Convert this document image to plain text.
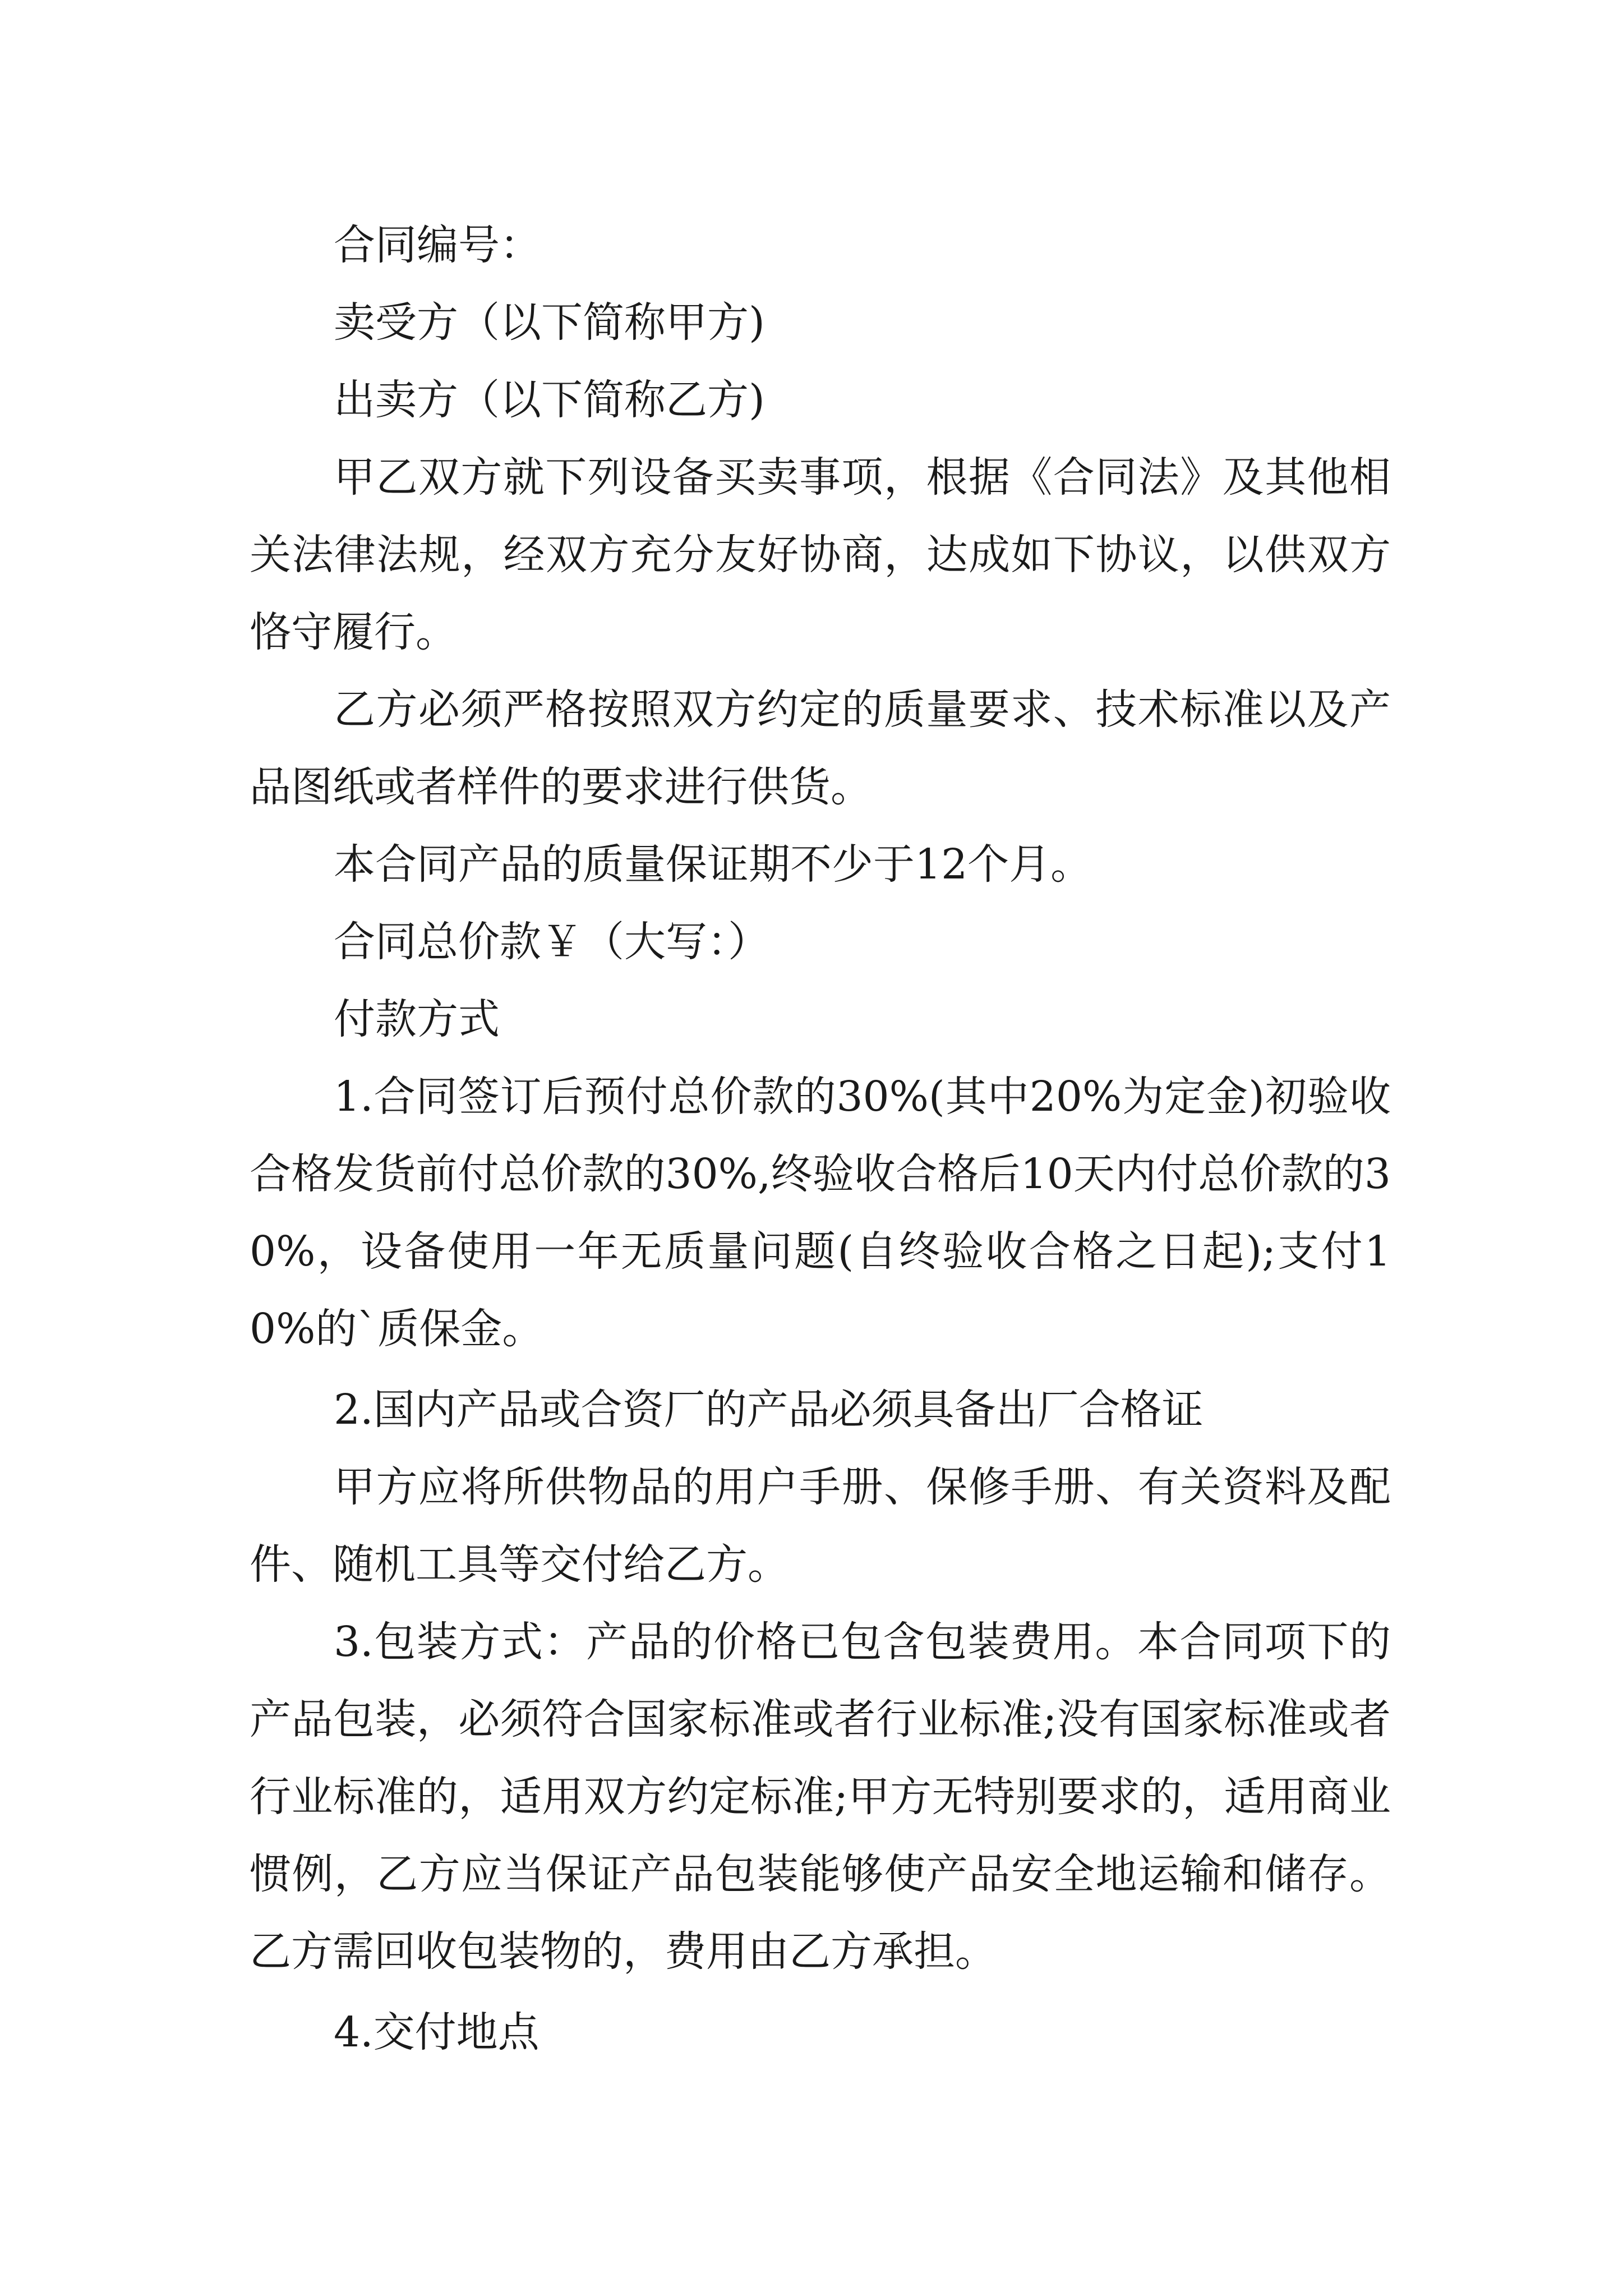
合同编号：

卖受方（以下简称甲方)

出卖方（以下简称乙方)

甲乙双方就下列设备买卖事项，根据《合同法》及其他相关法律法规，经双方充分友好协商，达成如下协议，以供双方恪守履行。

乙方必须严格按照双方约定的质量要求、技术标准以及产品图纸或者样件的要求进行供货。

本合同产品的质量保证期不少于12个月。

合同总价款￥（大写：）

付款方式

1.合同签订后预付总价款的30%(其中20%为定金)初验收合格发货前付总价款的30%,终验收合格后10天内付总价款的30%，设备使用一年无质量问题(自终验收合格之日起);支付10%的`质保金。

2.国内产品或合资厂的产品必须具备出厂合格证

甲方应将所供物品的用户手册、保修手册、有关资料及配件、随机工具等交付给乙方。

3.包装方式：产品的价格已包含包装费用。本合同项下的产品包装，必须符合国家标准或者行业标准;没有国家标准或者行业标准的，适用双方约定标准;甲方无特别要求的，适用商业惯例，乙方应当保证产品包装能够使产品安全地运输和储存。乙方需回收包装物的，费用由乙方承担。

4.交付地点
